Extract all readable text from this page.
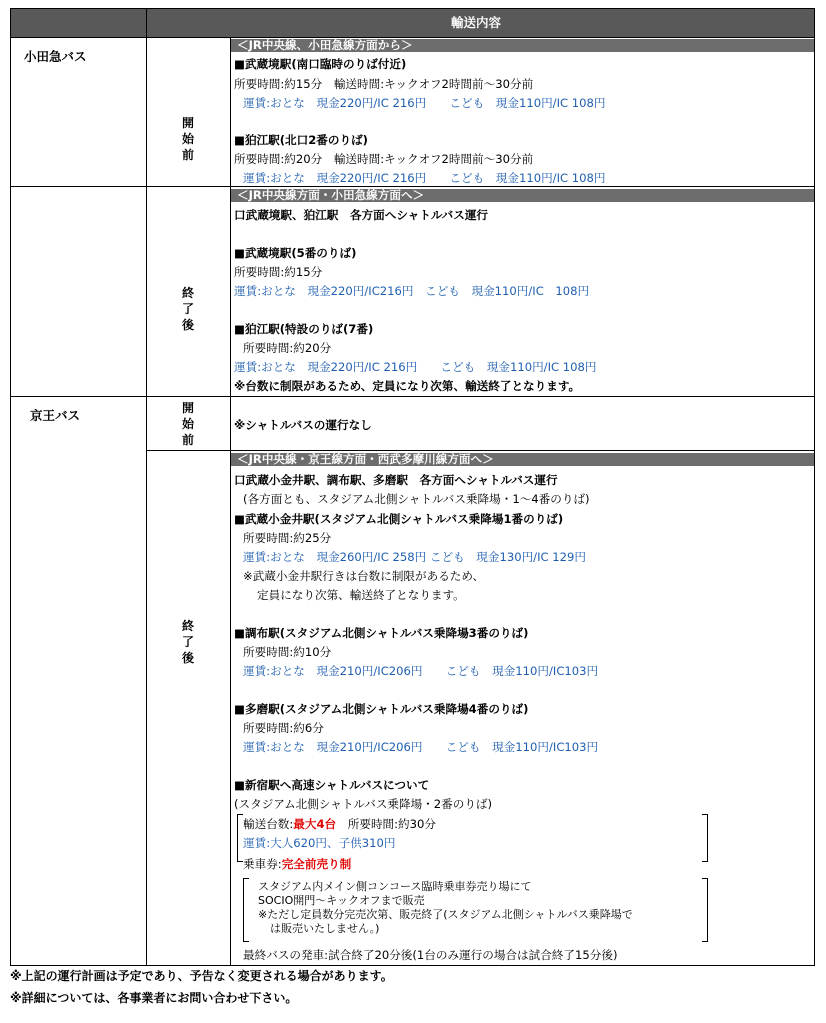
輸送内容
小田急バス
京王バス
開始前
終了後
開始前
終了後
＜JR中央線、小田急線方面から＞
■武蔵境駅(南口臨時のりば付近)
所要時間:約15分　輸送時間:キックオフ2時間前～30分前
運賃:おとな　現金220円/IC 216円　　こども　現金110円/IC 108円
■狛江駅(北口2番のりば)
所要時間:約20分　輸送時間:キックオフ2時間前～30分前
運賃:おとな　現金220円/IC 216円　　こども　現金110円/IC 108円
＜JR中央線方面・小田急線方面へ＞
口武蔵境駅、狛江駅　各方面へシャトルバス運行
■武蔵境駅(5番のりば)
所要時間:約15分
運賃:おとな　現金220円/IC216円　こども　現金110円/IC　108円
■狛江駅(特設のりば(7番)
所要時間:約20分
運賃:おとな　現金220円/IC 216円　　こども　現金110円/IC 108円
※台数に制限があるため、定員になり次第、輸送終了となります。
※シャトルバスの運行なし
＜JR中央線・京王線方面・西武多摩川線方面へ＞
口武蔵小金井駅、調布駅、多磨駅　各方面へシャトルバス運行
(各方面とも、スタジアム北側シャトルバス乗降場・1～4番のりば)
■武蔵小金井駅(スタジアム北側シャトルバス乗降場1番のりば)
所要時間:約25分
運賃:おとな　現金260円/IC 258円 こども　現金130円/IC 129円
※武蔵小金井駅行きは台数に制限があるため、
定員になり次第、輸送終了となります。
■調布駅(スタジアム北側シャトルバス乗降場3番のりば)
所要時間:約10分
運賃:おとな　現金210円/IC206円　　こども　現金110円/IC103円
■多磨駅(スタジアム北側シャトルバス乗降場4番のりば)
所要時間:約6分
運賃:おとな　現金210円/IC206円　　こども　現金110円/IC103円
■新宿駅へ高速シャトルバスについて
(スタジアム北側シャトルバス乗降場・2番のりば)
輸送台数:最大4台　 所要時間:約30分
運賃:大人620円、子供310円
乗車券:完全前売り制
スタジアム内メイン側コンコース臨時乗車券売り場にて
SOCIO開門～キックオフまで販売
※ただし定員数分完売次第、販売終了(スタジアム北側シャトルバス乗降場で
は販売いたしません。)
最終バスの発車:試合終了20分後(1台のみ運行の場合は試合終了15分後)
※上記の運行計画は予定であり、予告なく変更される場合があります。
※詳細については、各事業者にお問い合わせ下さい。
